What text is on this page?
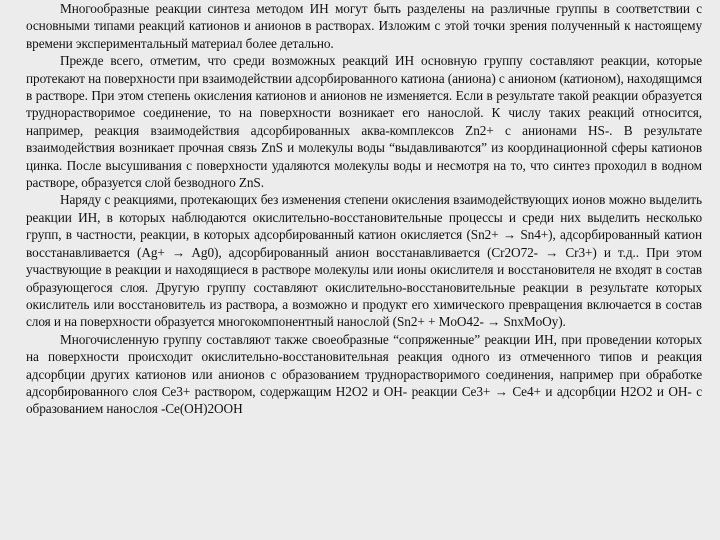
Многообразные реакции синтеза методом ИН могут быть разделены на различные группы в соответствии с основными типами реакций катионов и анионов в растворах. Изложим с этой точки зрения полученный к настоящему времени экспериментальный материал более детально.

Прежде всего, отметим, что среди возможных реакций ИН основную группу составляют реакции, которые протекают на поверхности при взаимодействии адсорбированного катиона (аниона) с анионом (катионом), находящимся в растворе. При этом степень окисления катионов и анионов не изменяется. Если в результате такой реакции образуется труднорастворимое соединение, то на поверхности возникает его нанослой. К числу таких реакций относится, например, реакция взаимодействия адсорбированных аква-комплексов Zn2+ с анионами HS-. В результате взаимодействия возникает прочная связь ZnS и молекулы воды “выдавливаются” из координационной сферы катионов цинка. После высушивания с поверхности удаляются молекулы воды и несмотря на то, что синтез проходил в водном растворе, образуется слой безводного ZnS.

Наряду с реакциями, протекающих без изменения степени окисления взаимодействующих ионов можно выделить реакции ИН, в которых наблюдаются окислительно-восстановительные процессы и среди них выделить несколько групп, в частности, реакции, в которых адсорбированный катион окисляется (Sn2+ → Sn4+), адсорбированный катион восстанавливается (Ag+ → Ag0), адсорбированный анион восстанавливается (Cr2O72- → Cr3+) и т.д.. При этом участвующие в реакции и находящиеся в растворе молекулы или ионы окислителя и восстановителя не входят в состав образующегося слоя. Другую группу составляют окислительно-восстановительные реакции в результате которых окислитель или восстановитель из раствора, а возможно и продукт его химического превращения включается в состав слоя и на поверхности образуется многокомпонентный нанослой (Sn2+ + MoO42- → SnxMoOy).

Многочисленную группу составляют также своеобразные “сопряженные” реакции ИН, при проведении которых на поверхности происходит окислительно-восстановительная реакция одного из отмеченного типов и реакция адсорбции других катионов или анионов с образованием труднорастворимого соединения, например при обработке адсорбированного слоя Ce3+ раствором, содержащим H2O2 и OH- реакции Ce3+ → Ce4+ и адсорбции H2O2 и OH- с образованием нанослоя -Ce(OH)2OOH
